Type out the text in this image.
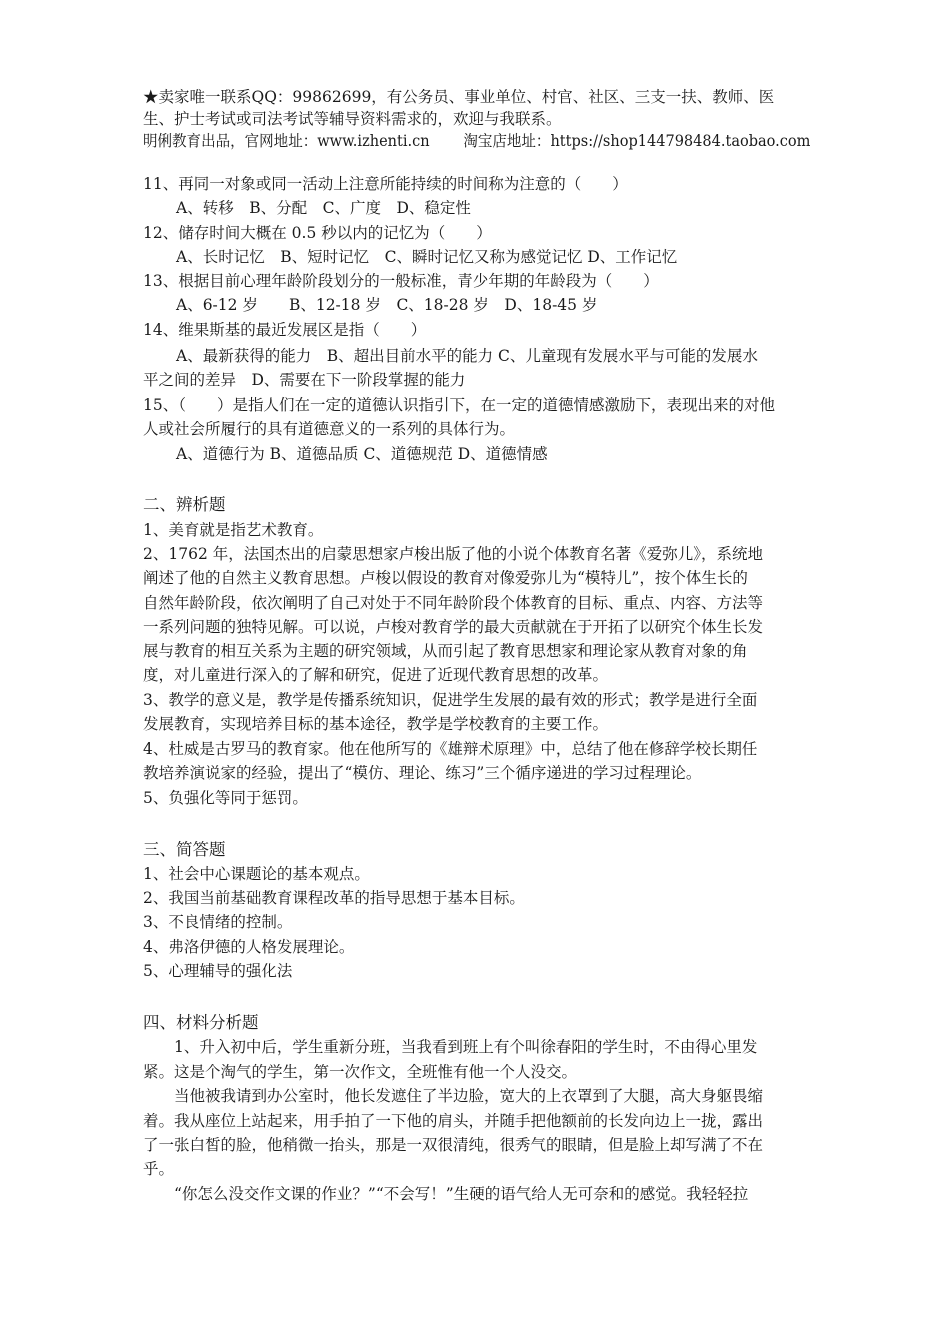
★卖家唯一联系QQ：99862699，有公务员、事业单位、村官、社区、三支一扶、教师、医
生、护士考试或司法考试等辅导资料需求的，欢迎与我联系。
明俐教育出品，官网地址：www.izhenti.cn 淘宝店地址：https://shop144798484.taobao.com
11、再同一对象或同一活动上注意所能持续的时间称为注意的（　　）
A、转移　B、分配　C、广度　D、稳定性
12、储存时间大概在 0.5 秒以内的记忆为（　　）
A、长时记忆　B、短时记忆　C、瞬时记忆又称为感觉记忆 D、工作记忆
13、根据目前心理年龄阶段划分的一般标准，青少年期的年龄段为（　　）
A、6-12 岁　　B、12-18 岁　C、18-28 岁　D、18-45 岁
14、维果斯基的最近发展区是指（　　）
A、最新获得的能力　B、超出目前水平的能力 C、儿童现有发展水平与可能的发展水
平之间的差异　D、需要在下一阶段掌握的能力
15、（　　）是指人们在一定的道德认识指引下，在一定的道德情感激励下，表现出来的对他
人或社会所履行的具有道德意义的一系列的具体行为。
A、道德行为 B、道德品质 C、道德规范 D、道德情感
二、辨析题
1、美育就是指艺术教育。
2、1762 年，法国杰出的启蒙思想家卢梭出版了他的小说个体教育名著《爱弥儿》，系统地
阐述了他的自然主义教育思想。卢梭以假设的教育对像爱弥儿为“模特儿”，按个体生长的
自然年龄阶段，依次阐明了自己对处于不同年龄阶段个体教育的目标、重点、内容、方法等
一系列问题的独特见解。可以说，卢梭对教育学的最大贡献就在于开拓了以研究个体生长发
展与教育的相互关系为主题的研究领域，从而引起了教育思想家和理论家从教育对象的角
度，对儿童进行深入的了解和研究，促进了近现代教育思想的改革。
3、教学的意义是，教学是传播系统知识，促进学生发展的最有效的形式；教学是进行全面
发展教育，实现培养目标的基本途径，教学是学校教育的主要工作。
4、杜威是古罗马的教育家。他在他所写的《雄辩术原理》中，总结了他在修辞学校长期任
教培养演说家的经验，提出了“模仿、理论、练习”三个循序递进的学习过程理论。
5、负强化等同于惩罚。
三、简答题
1、社会中心课题论的基本观点。
2、我国当前基础教育课程改革的指导思想于基本目标。
3、不良情绪的控制。
4、弗洛伊德的人格发展理论。
5、心理辅导的强化法
四、材料分析题
1、升入初中后，学生重新分班，当我看到班上有个叫徐春阳的学生时，不由得心里发
紧。这是个淘气的学生，第一次作文，全班惟有他一个人没交。
当他被我请到办公室时，他长发遮住了半边脸，宽大的上衣罩到了大腿，高大身躯畏缩
着。我从座位上站起来，用手拍了一下他的肩头，并随手把他额前的长发向边上一拢，露出
了一张白皙的脸，他稍微一抬头，那是一双很清纯，很秀气的眼睛，但是脸上却写满了不在
乎。
“你怎么没交作文课的作业？”“不会写！”生硬的语气给人无可奈和的感觉。我轻轻拉
